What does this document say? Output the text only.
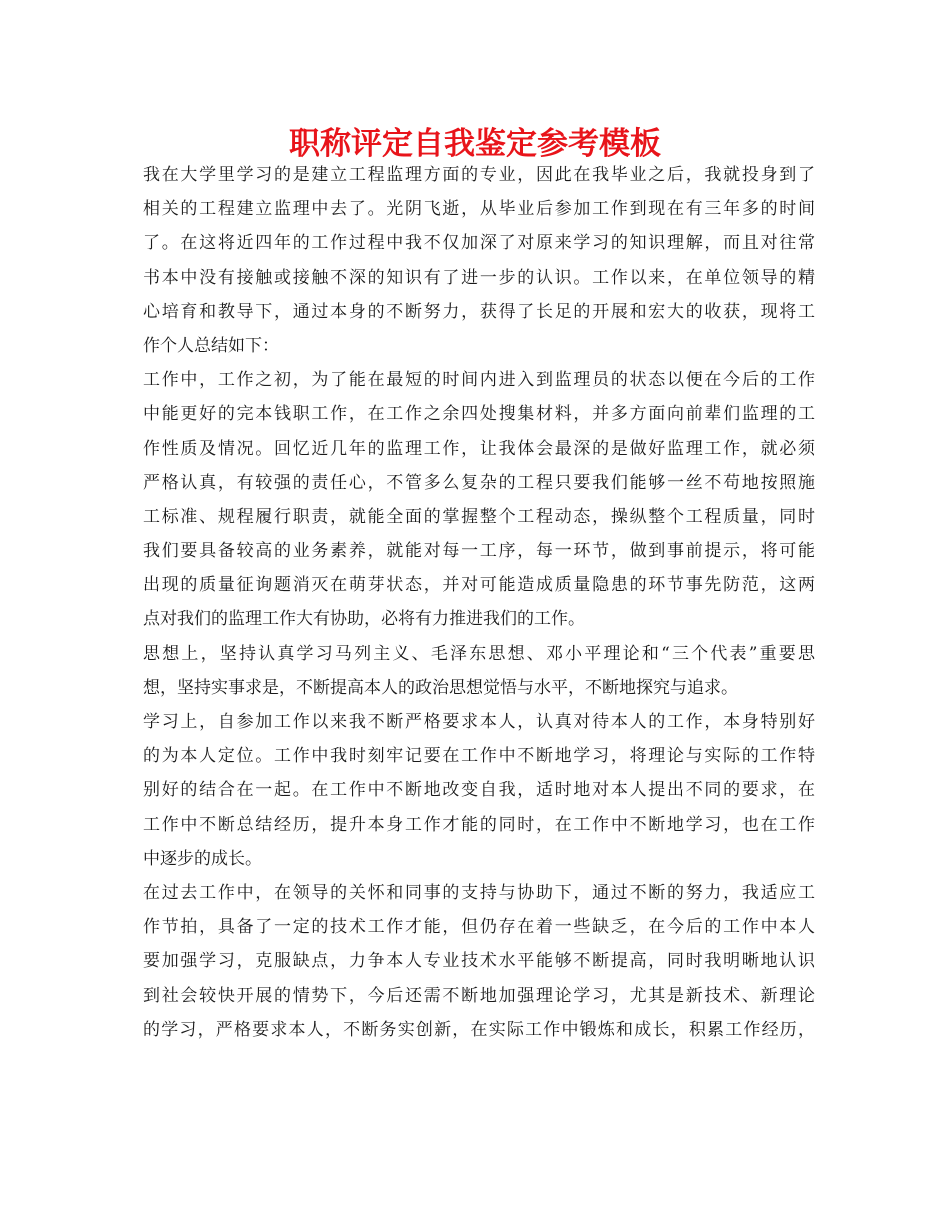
职称评定自我鉴定参考模板
我在大学里学习的是建立工程监理方面的专业，因此在我毕业之后，我就投身到了
相关的工程建立监理中去了。光阴飞逝，从毕业后参加工作到现在有三年多的时间
了。在这将近四年的工作过程中我不仅加深了对原来学习的知识理解，而且对往常
书本中没有接触或接触不深的知识有了进一步的认识。工作以来，在单位领导的精
心培育和教导下，通过本身的不断努力，获得了长足的开展和宏大的收获，现将工
作个人总结如下：
工作中，工作之初，为了能在最短的时间内进入到监理员的状态以便在今后的工作
中能更好的完本钱职工作，在工作之余四处搜集材料，并多方面向前辈们监理的工
作性质及情况。回忆近几年的监理工作，让我体会最深的是做好监理工作，就必须
严格认真，有较强的责任心，不管多么复杂的工程只要我们能够一丝不苟地按照施
工标准、规程履行职责，就能全面的掌握整个工程动态，操纵整个工程质量，同时
我们要具备较高的业务素养，就能对每一工序，每一环节，做到事前提示，将可能
出现的质量征询题消灭在萌芽状态，并对可能造成质量隐患的环节事先防范，这两
点对我们的监理工作大有协助，必将有力推进我们的工作。
思想上，坚持认真学习马列主义、毛泽东思想、邓小平理论和“三个代表”重要思
想，坚持实事求是，不断提高本人的政治思想觉悟与水平，不断地探究与追求。
学习上，自参加工作以来我不断严格要求本人，认真对待本人的工作，本身特别好
的为本人定位。工作中我时刻牢记要在工作中不断地学习，将理论与实际的工作特
别好的结合在一起。在工作中不断地改变自我，适时地对本人提出不同的要求，在
工作中不断总结经历，提升本身工作才能的同时，在工作中不断地学习，也在工作
中逐步的成长。
在过去工作中，在领导的关怀和同事的支持与协助下，通过不断的努力，我适应工
作节拍，具备了一定的技术工作才能，但仍存在着一些缺乏，在今后的工作中本人
要加强学习，克服缺点，力争本人专业技术水平能够不断提高，同时我明晰地认识
到社会较快开展的情势下，今后还需不断地加强理论学习，尤其是新技术、新理论
的学习，严格要求本人，不断务实创新，在实际工作中锻炼和成长，积累工作经历，
